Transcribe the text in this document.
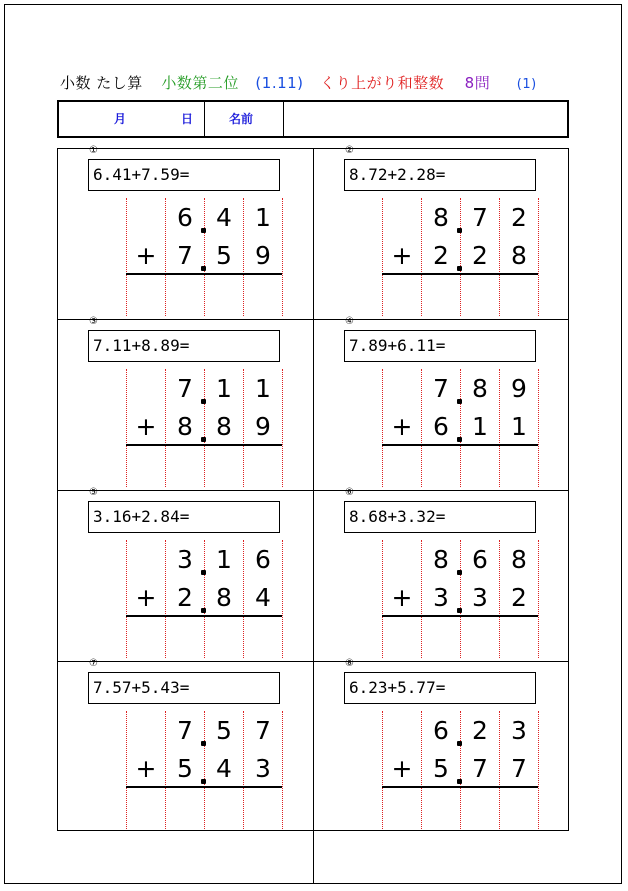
小数 たし算 小数第二位 (1.11) くり上がり和整数 8問 (1)
月	日	名前
①
6.41+7.59=
6 4 1
+ 7 5 9
②
8.72+2.28=
8 7 2
+ 2 2 8
③
7.11+8.89=
7 1 1
+ 8 8 9
④
7.89+6.11=
7 8 9
+ 6 1 1
⑤
3.16+2.84=
3 1 6
+ 2 8 4
⑥
8.68+3.32=
8 6 8
+ 3 3 2
⑦
7.57+5.43=
7 5 7
+ 5 4 3
⑧
6.23+5.77=
6 2 3
+ 5 7 7
